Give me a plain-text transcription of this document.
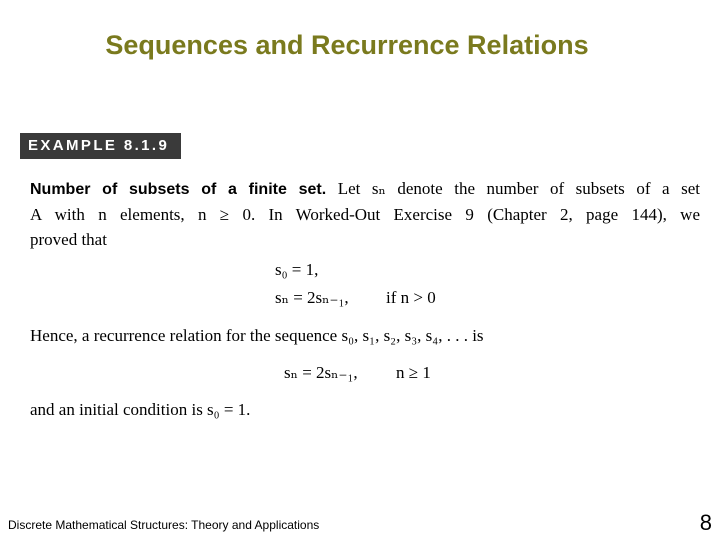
Sequences and Recurrence Relations
EXAMPLE 8.1.9
Number of subsets of a finite set. Let sₙ denote the number of subsets of a set
A with n elements, n ≥ 0. In Worked-Out Exercise 9 (Chapter 2, page 144), we
proved that
s₀ = 1,
sₙ = 2sₙ₋₁, if n > 0
Hence, a recurrence relation for the sequence s₀, s₁, s₂, s₃, s₄, . . . is
sₙ = 2sₙ₋₁, n ≥ 1
and an initial condition is s₀ = 1.
Discrete Mathematical Structures: Theory and Applications	8
